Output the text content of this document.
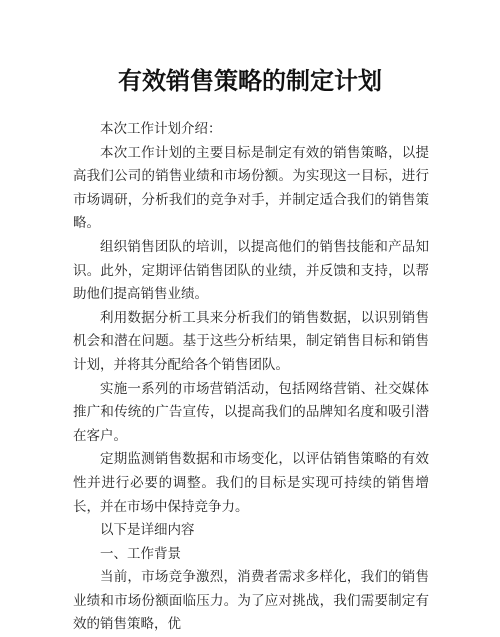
有效销售策略的制定计划

本次工作计划介绍：

本次工作计划的主要目标是制定有效的销售策略，以提高我们公司的销售业绩和市场份额。为实现这一目标，进行市场调研，分析我们的竞争对手，并制定适合我们的销售策略。

组织销售团队的培训，以提高他们的销售技能和产品知识。此外，定期评估销售团队的业绩，并反馈和支持，以帮助他们提高销售业绩。

利用数据分析工具来分析我们的销售数据，以识别销售机会和潜在问题。基于这些分析结果，制定销售目标和销售计划，并将其分配给各个销售团队。

实施一系列的市场营销活动，包括网络营销、社交媒体推广和传统的广告宣传，以提高我们的品牌知名度和吸引潜在客户。

定期监测销售数据和市场变化，以评估销售策略的有效性并进行必要的调整。我们的目标是实现可持续的销售增长，并在市场中保持竞争力。

以下是详细内容

一、工作背景

当前，市场竞争激烈，消费者需求多样化，我们的销售业绩和市场份额面临压力。为了应对挑战，我们需要制定有效的销售策略，优
